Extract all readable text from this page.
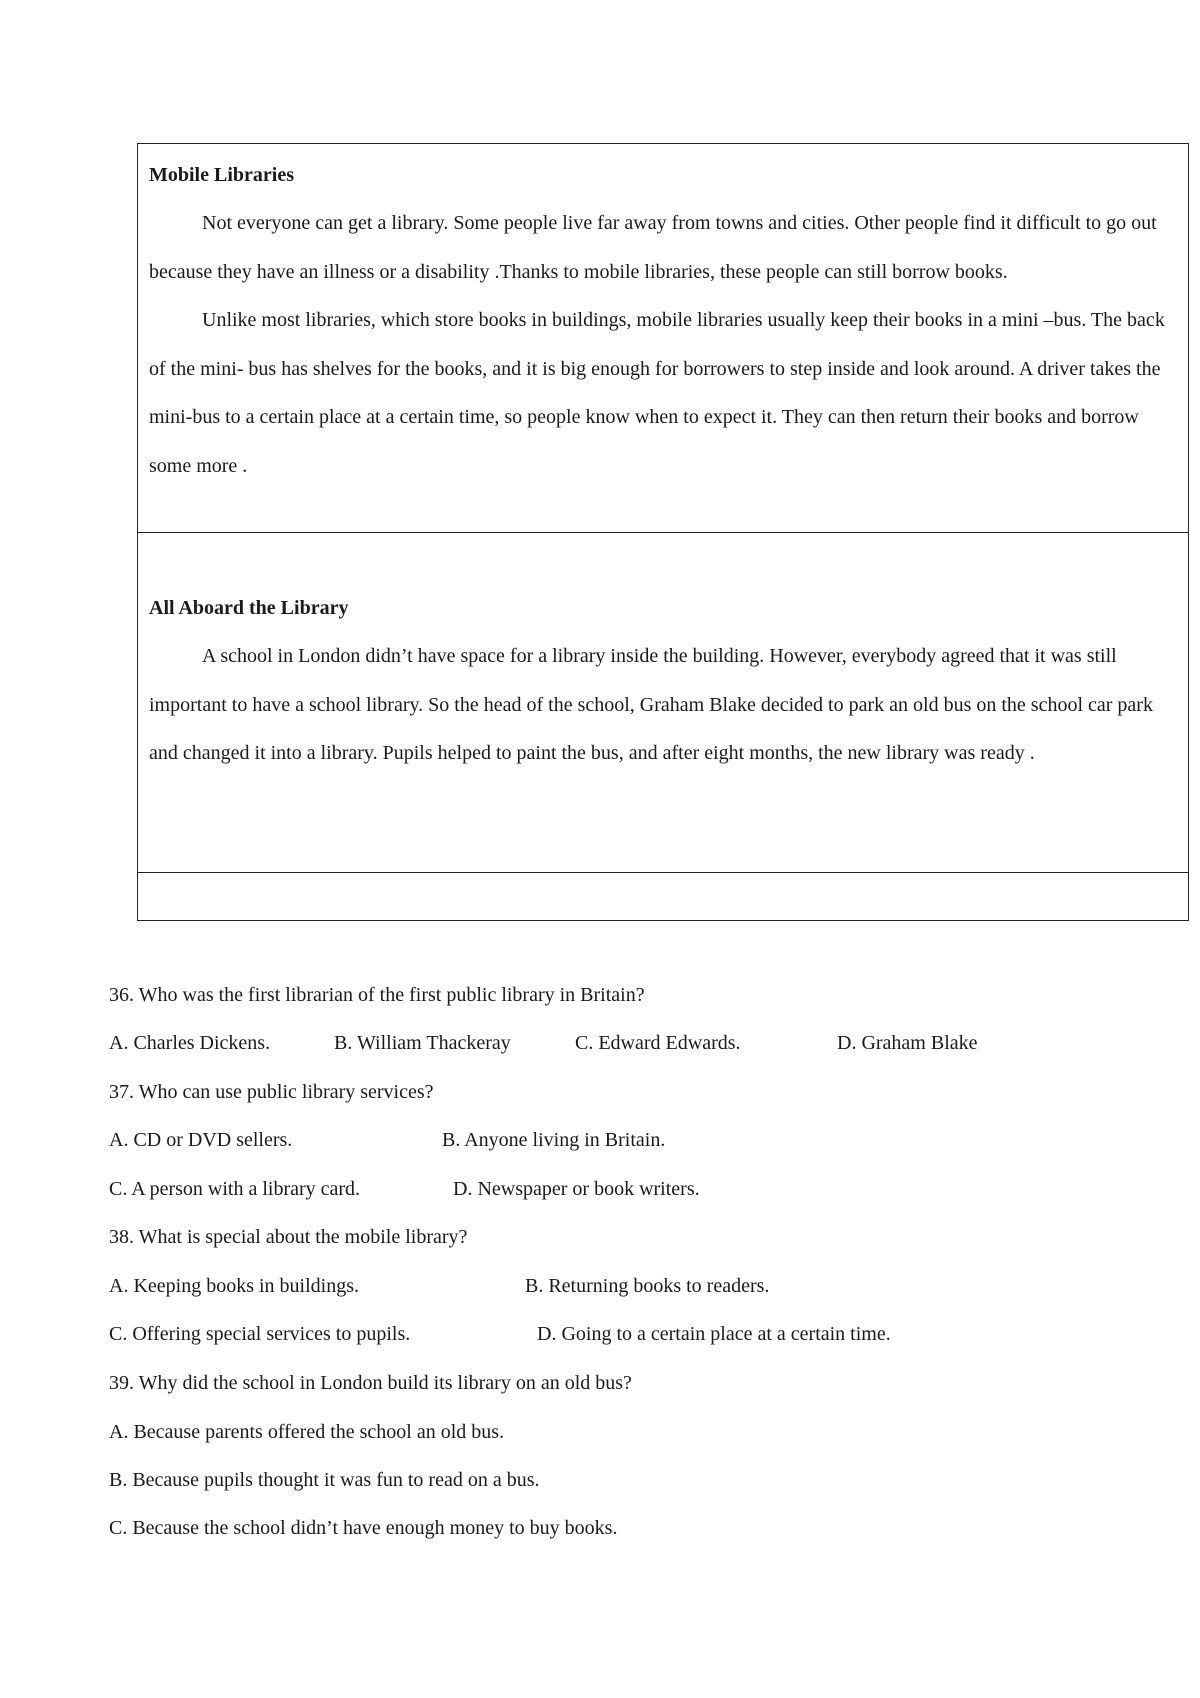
Mobile Libraries

Not everyone can get a library. Some people live far away from towns and cities. Other people find it difficult to go out because they have an illness or a disability .Thanks to mobile libraries, these people can still borrow books.

Unlike most libraries, which store books in buildings, mobile libraries usually keep their books in a mini –bus. The back of the mini- bus has shelves for the books, and it is big enough for borrowers to step inside and look around. A driver takes the mini-bus to a certain place at a certain time, so people know when to expect it. They can then return their books and borrow some more .

All Aboard the Library

A school in London didn’t have space for a library inside the building. However, everybody agreed that it was still important to have a school library. So the head of the school, Graham Blake decided to park an old bus on the school car park and changed it into a library. Pupils helped to paint the bus, and after eight months, the new library was ready .

36. Who was the first librarian of the first public library in Britain?
A. Charles Dickens.	B. William Thackeray	C. Edward Edwards.	D. Graham Blake
37. Who can use public library services?
A. CD or DVD sellers.	B. Anyone living in Britain.
C. A person with a library card.	D. Newspaper or book writers.
38. What is special about the mobile library?
A. Keeping books in buildings.	B. Returning books to readers.
C. Offering special services to pupils.	D. Going to a certain place at a certain time.
39. Why did the school in London build its library on an old bus?
A. Because parents offered the school an old bus.
B. Because pupils thought it was fun to read on a bus.
C. Because the school didn’t have enough money to buy books.
